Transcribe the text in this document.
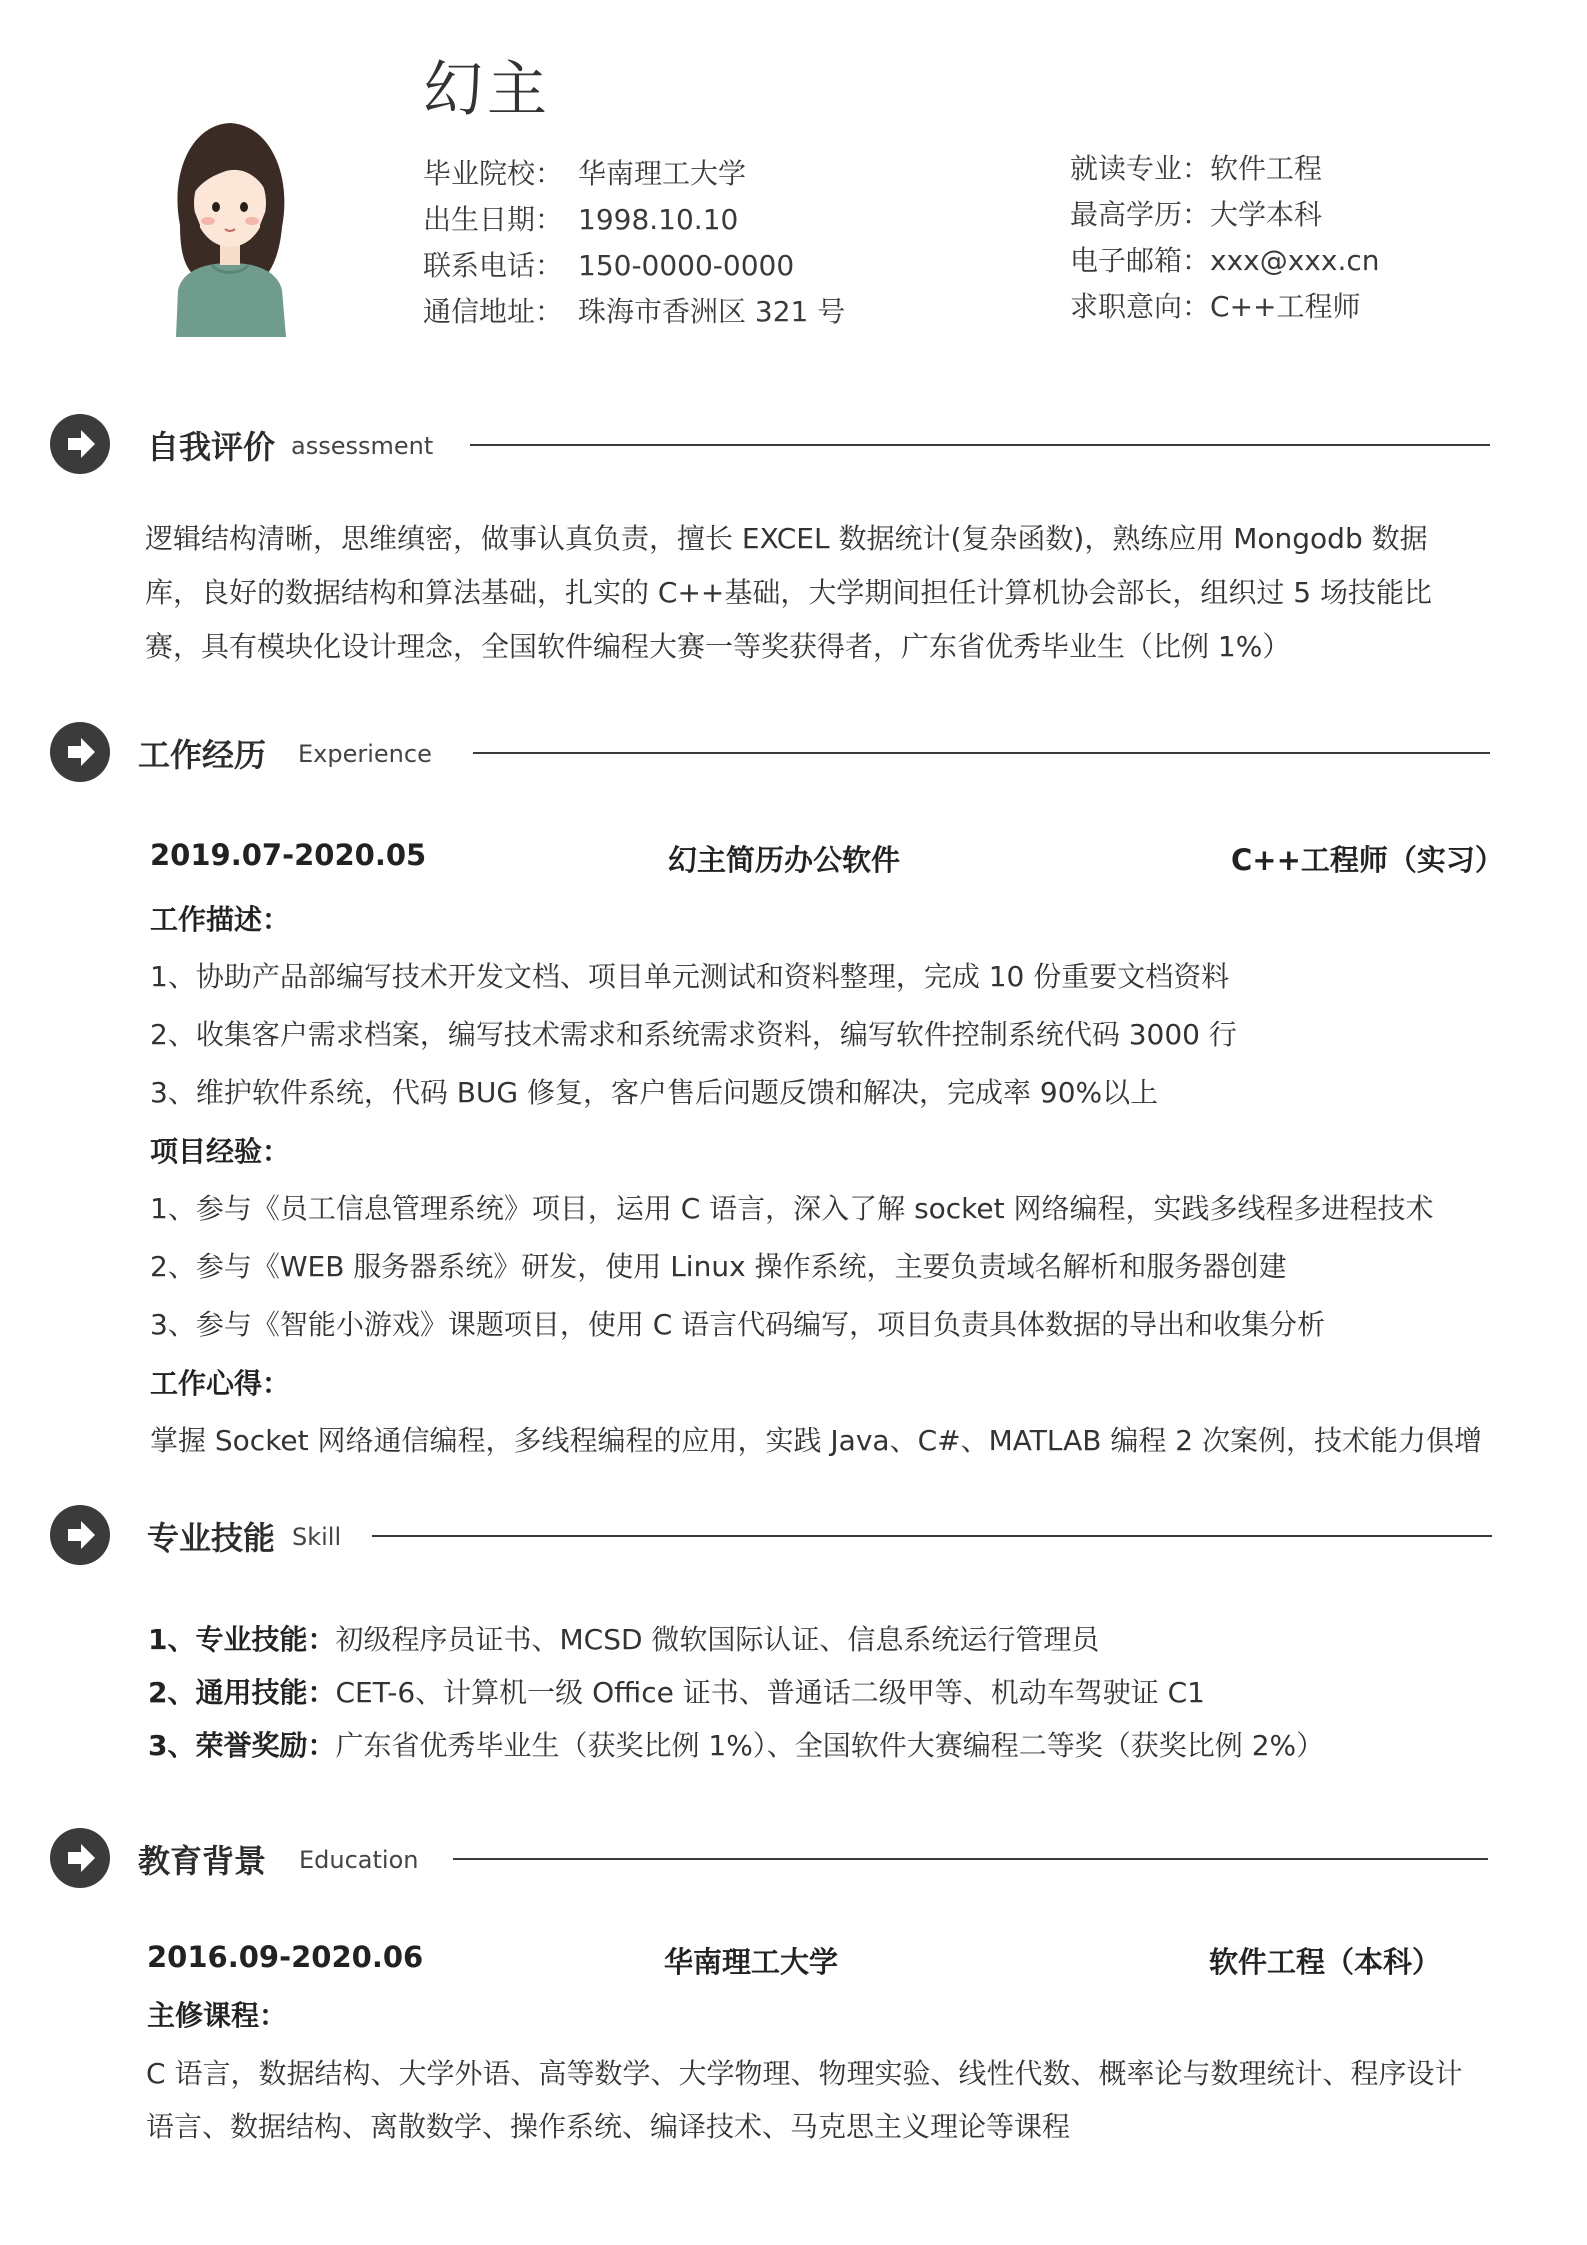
幻主
毕业院校： 华南理工大学
出生日期： 1998.10.10
联系电话： 150-0000-0000
通信地址： 珠海市香洲区 321 号
就读专业：软件工程
最高学历：大学本科
电子邮箱：xxx@xxx.cn
求职意向：C++工程师
自我评价 assessment
逻辑结构清晰，思维缜密，做事认真负责，擅长 EXCEL 数据统计(复杂函数)，熟练应用 Mongodb 数据
库，良好的数据结构和算法基础，扎实的 C++基础，大学期间担任计算机协会部长，组织过 5 场技能比
赛，具有模块化设计理念，全国软件编程大赛一等奖获得者，广东省优秀毕业生（比例 1%）
工作经历 Experience
2019.07-2020.05	幻主简历办公软件	C++工程师（实习）
工作描述：
1、协助产品部编写技术开发文档、项目单元测试和资料整理，完成 10 份重要文档资料
2、收集客户需求档案，编写技术需求和系统需求资料，编写软件控制系统代码 3000 行
3、维护软件系统，代码 BUG 修复，客户售后问题反馈和解决，完成率 90%以上
项目经验：
1、参与《员工信息管理系统》项目，运用 C 语言，深入了解 socket 网络编程，实践多线程多进程技术
2、参与《WEB 服务器系统》研发，使用 Linux 操作系统，主要负责域名解析和服务器创建
3、参与《智能小游戏》课题项目，使用 C 语言代码编写，项目负责具体数据的导出和收集分析
工作心得：
掌握 Socket 网络通信编程，多线程编程的应用，实践 Java、C#、MATLAB 编程 2 次案例，技术能力俱增
专业技能 Skill
1、专业技能：初级程序员证书、MCSD 微软国际认证、信息系统运行管理员
2、通用技能：CET-6、计算机一级 Office 证书、普通话二级甲等、机动车驾驶证 C1
3、荣誉奖励：广东省优秀毕业生（获奖比例 1%）、全国软件大赛编程二等奖（获奖比例 2%）
教育背景 Education
2016.09-2020.06	华南理工大学	软件工程（本科）
主修课程：
C 语言，数据结构、大学外语、高等数学、大学物理、物理实验、线性代数、概率论与数理统计、程序设计
语言、数据结构、离散数学、操作系统、编译技术、马克思主义理论等课程
